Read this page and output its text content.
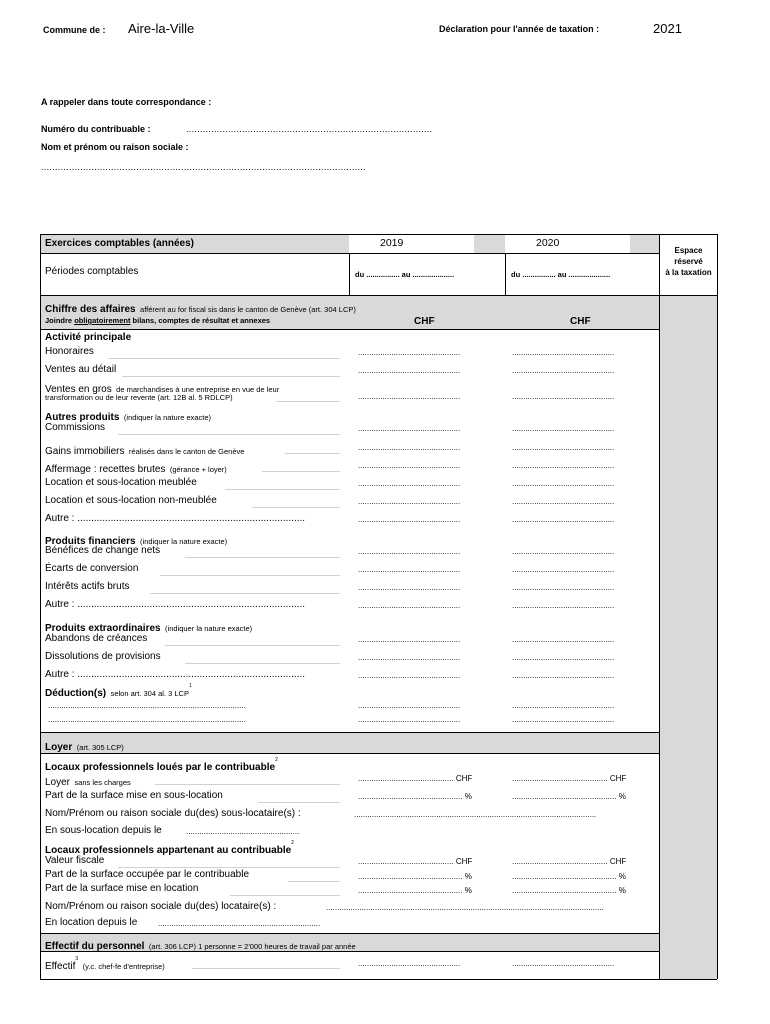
Commune de : Aire-la-Ville	Déclaration pour l'année de taxation :	2021
A rappeler dans toute correspondance :
Numéro du contribuable :	........................................................................................
Nom et prénom ou raison sociale :
....................................................................................................................
Exercices comptables (années)	2019	2020
Périodes comptables	du ................ au ....................	du ................ au ....................
Espace
réservé
à la taxation
Chiffre des affaires afférent au for fiscal sis dans le canton de Genève (art. 304 LCP)
Joindre obligatoirement bilans, comptes de résultat et annexes	CHF	CHF
Activité principale
Honoraires	..............................................	..............................................
Ventes au détail	..............................................	..............................................
Ventes en gros de marchandises à une entreprise en vue de leur
transformation ou de leur revente (art. 12B al. 5 RDLCP)	..............................................	..............................................
Autres produits (indiquer la nature exacte)
Commissions	..............................................	..............................................
Gains immobiliers réalisés dans le canton de Genève	..............................................	..............................................
Affermage : recettes brutes (gérance + loyer)	..............................................	..............................................
Location et sous-location meublée	..............................................	..............................................
Location et sous-location non-meublée	..............................................	..............................................
Autre : ..................................................................................	..............................................	..............................................
Produits financiers (indiquer la nature exacte)
Bénéfices de change nets	..............................................	..............................................
Écarts de conversion	..............................................	..............................................
Intérêts actifs bruts	..............................................	..............................................
Autre : ..................................................................................	..............................................	..............................................
Produits extraordinaires (indiquer la nature exacte)
Abandons de créances	..............................................	..............................................
Dissolutions de provisions	..............................................	..............................................
Autre : ..................................................................................	..............................................	..............................................
Déduction(s) selon art. 304 al. 3 LCP$^1$
.........................................................................................	..............................................	..............................................
.........................................................................................	..............................................	..............................................
Loyer (art. 305 LCP)
Locaux professionnels loués par le contribuable$^2$
Loyer sans les charges	........................................... CHF	........................................... CHF
Part de la surface mise en sous-location	............................................... %	............................................... %
Nom/Prénom ou raison sociale du(des) sous-locataire(s) :	.............................................................................................................
En sous-location depuis le	...................................................
Locaux professionnels appartenant au contribuable$^2$
Valeur fiscale	........................................... CHF	........................................... CHF
Part de la surface occupée par le contribuable	............................................... %	............................................... %
Part de la surface mise en location	............................................... %	............................................... %
Nom/Prénom ou raison sociale du(des) locataire(s) :	.............................................................................................................................
En location depuis le	.........................................................................
Effectif du personnel (art. 306 LCP) 1 personne = 2'000 heures de travail par année
Effectif$^3$ (y.c. chef-fe d'entreprise)	..............................................	..............................................
